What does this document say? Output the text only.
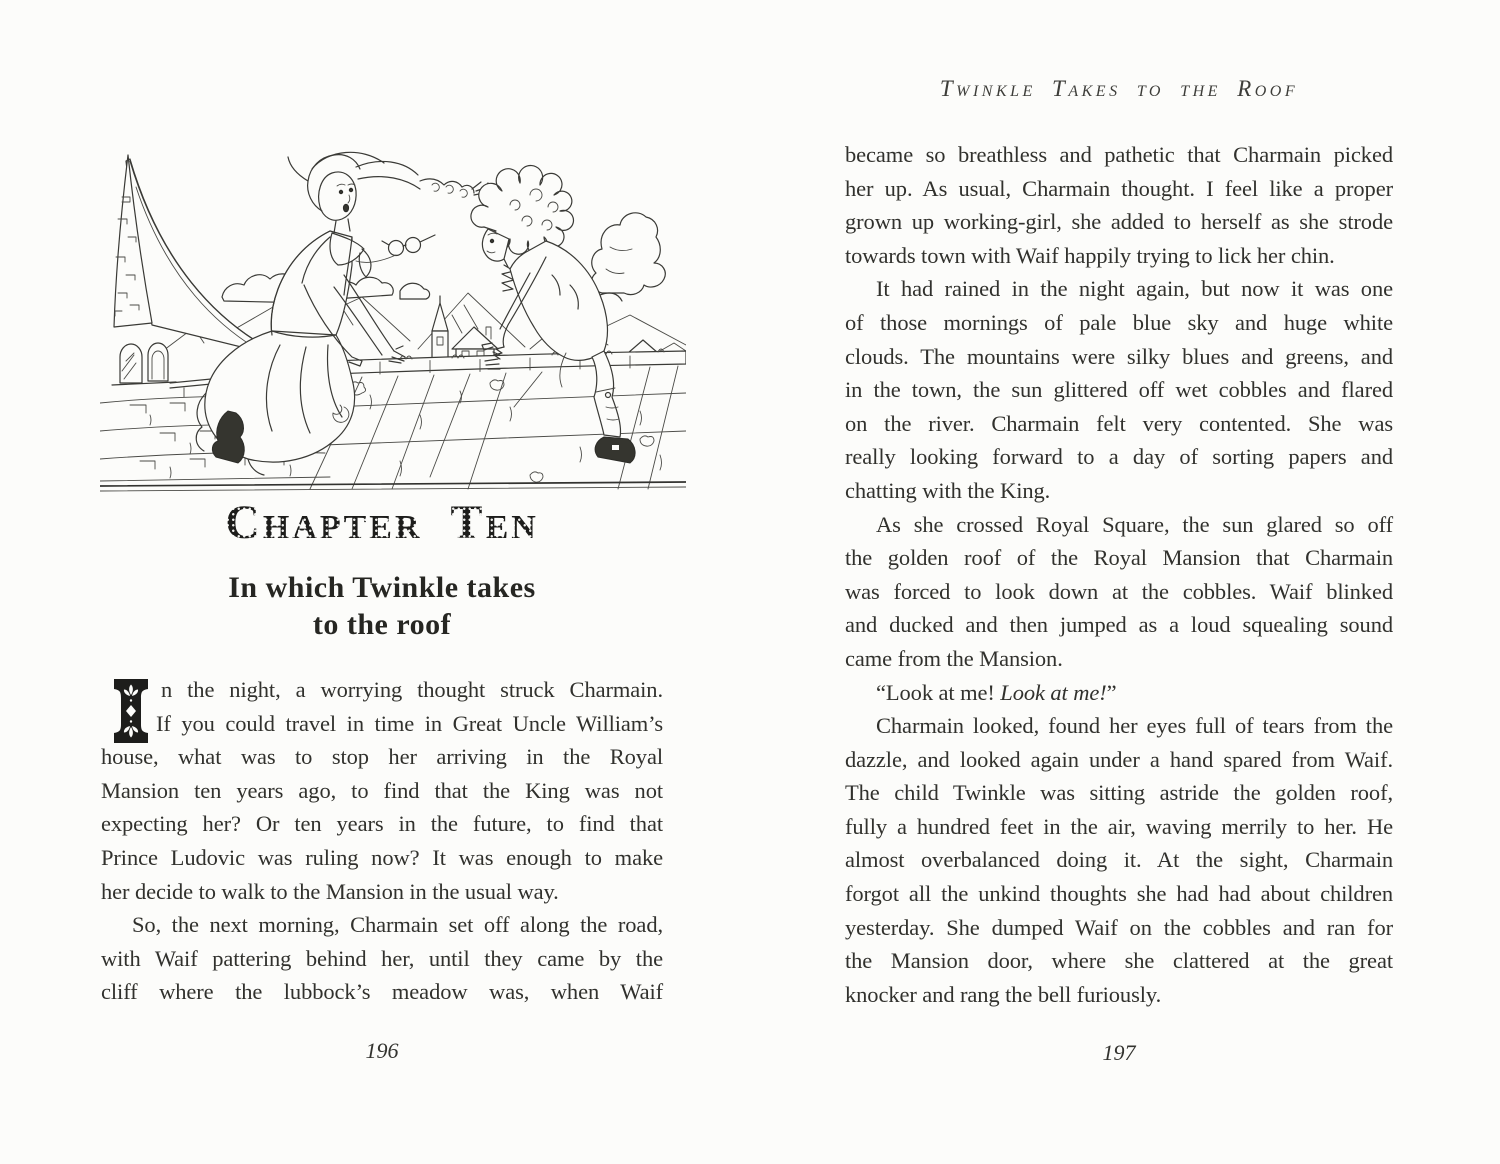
CHAPTER TEN
In which Twinkle takes
to the roof
n the night, a worrying thought struck Charmain.
If you could travel in time in Great Uncle William’s
house, what was to stop her arriving in the Royal
Mansion ten years ago, to find that the King was not
expecting her? Or ten years in the future, to find that
Prince Ludovic was ruling now? It was enough to make
her decide to walk to the Mansion in the usual way.
So, the next morning, Charmain set off along the road,
with Waif pattering behind her, until they came by the
cliff where the lubbock’s meadow was, when Waif
196
Twinkle Takes to the Roof
became so breathless and pathetic that Charmain picked
her up. As usual, Charmain thought. I feel like a proper
grown up working-girl, she added to herself as she strode
towards town with Waif happily trying to lick her chin.
It had rained in the night again, but now it was one
of those mornings of pale blue sky and huge white
clouds. The mountains were silky blues and greens, and
in the town, the sun glittered off wet cobbles and flared
on the river. Charmain felt very contented. She was
really looking forward to a day of sorting papers and
chatting with the King.
As she crossed Royal Square, the sun glared so off
the golden roof of the Royal Mansion that Charmain
was forced to look down at the cobbles. Waif blinked
and ducked and then jumped as a loud squealing sound
came from the Mansion.
“Look at me! Look at me!”
Charmain looked, found her eyes full of tears from the
dazzle, and looked again under a hand spared from Waif.
The child Twinkle was sitting astride the golden roof,
fully a hundred feet in the air, waving merrily to her. He
almost overbalanced doing it. At the sight, Charmain
forgot all the unkind thoughts she had had about children
yesterday. She dumped Waif on the cobbles and ran for
the Mansion door, where she clattered at the great
knocker and rang the bell furiously.
197
